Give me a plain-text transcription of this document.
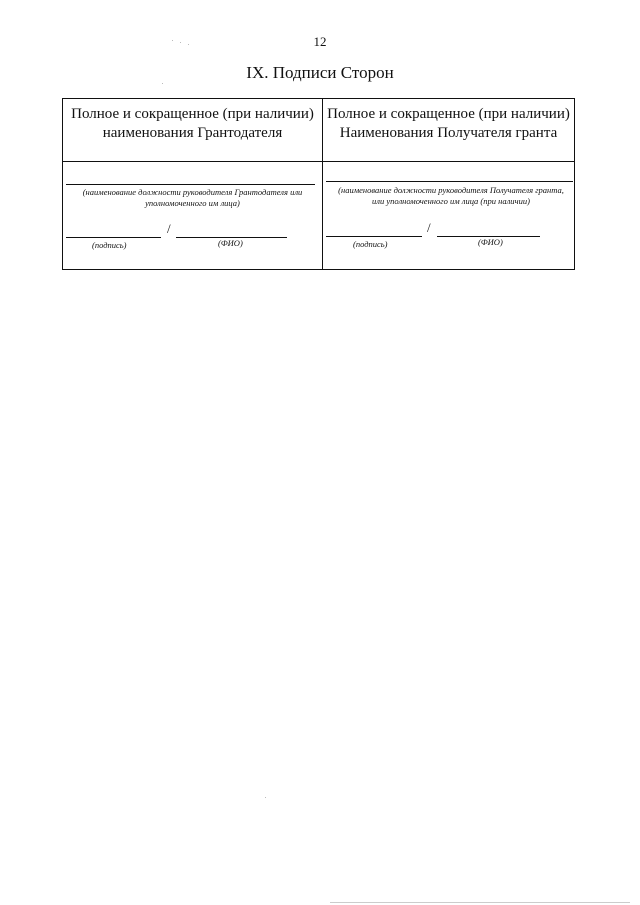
12
IX. Подписи Сторон
Полное и сокращенное (при наличии) наименования Грантодателя
(наименование должности руководителя Грантодателя или уполномоченного им лица)
/
(подпись)	(ФИО)
Полное и сокращенное (при наличии) Наименования Получателя гранта
(наименование должности руководителя Получателя гранта, или уполномоченного им лица (при наличии)
/
(подпись)	(ФИО)
